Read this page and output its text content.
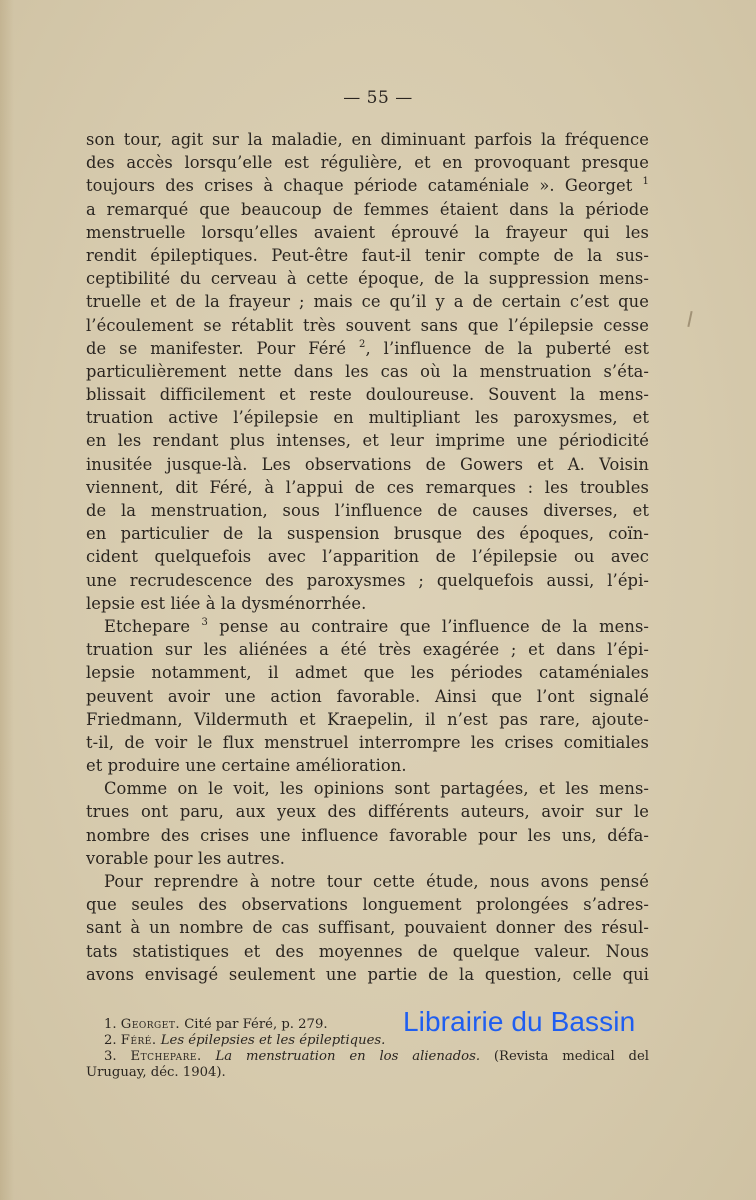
— 55 —
son tour, agit sur la maladie, en diminuant parfois la fréquence
des accès lorsqu’elle est régulière, et en provoquant presque
toujours des crises à chaque période cataméniale ». Georget $^1$
a remarqué que beaucoup de femmes étaient dans la période
menstruelle lorsqu’elles avaient éprouvé la frayeur qui les
rendit épileptiques. Peut-être faut-il tenir compte de la sus-
ceptibilité du cerveau à cette époque, de la suppression mens-
truelle et de la frayeur ; mais ce qu’il y a de certain c’est que
l’écoulement se rétablit très souvent sans que l’épilepsie cesse
de se manifester. Pour Féré $^2$, l’influence de la puberté est
particulièrement nette dans les cas où la menstruation s’éta-
blissait difficilement et reste douloureuse. Souvent la mens-
truation active l’épilepsie en multipliant les paroxysmes, et
en les rendant plus intenses, et leur imprime une périodicité
inusitée jusque-là. Les observations de Gowers et A. Voisin
viennent, dit Féré, à l’appui de ces remarques : les troubles
de la menstruation, sous l’influence de causes diverses, et
en particulier de la suspension brusque des époques, coïn-
cident quelquefois avec l’apparition de l’épilepsie ou avec
une recrudescence des paroxysmes ; quelquefois aussi, l’épi-
lepsie est liée à la dysménorrhée.
Etchepare $^3$ pense au contraire que l’influence de la mens-
truation sur les aliénées a été très exagérée ; et dans l’épi-
lepsie notamment, il admet que les périodes cataméniales
peuvent avoir une action favorable. Ainsi que l’ont signalé
Friedmann, Vildermuth et Kraepelin, il n’est pas rare, ajoute-
t-il, de voir le flux menstruel interrompre les crises comitiales
et produire une certaine amélioration.
Comme on le voit, les opinions sont partagées, et les mens-
trues ont paru, aux yeux des différents auteurs, avoir sur le
nombre des crises une influence favorable pour les uns, défa-
vorable pour les autres.
Pour reprendre à notre tour cette étude, nous avons pensé
que seules des observations longuement prolongées s’adres-
sant à un nombre de cas suffisant, pouvaient donner des résul-
tats statistiques et des moyennes de quelque valeur. Nous
avons envisagé seulement une partie de la question, celle qui
1. Georget. Cité par Féré, p. 279.
2. Féré. Les épilepsies et les épileptiques.
3. Etchepare. La menstruation en los alienados. (Revista medical del
Uruguay, déc. 1904).
Librairie du Bassin
